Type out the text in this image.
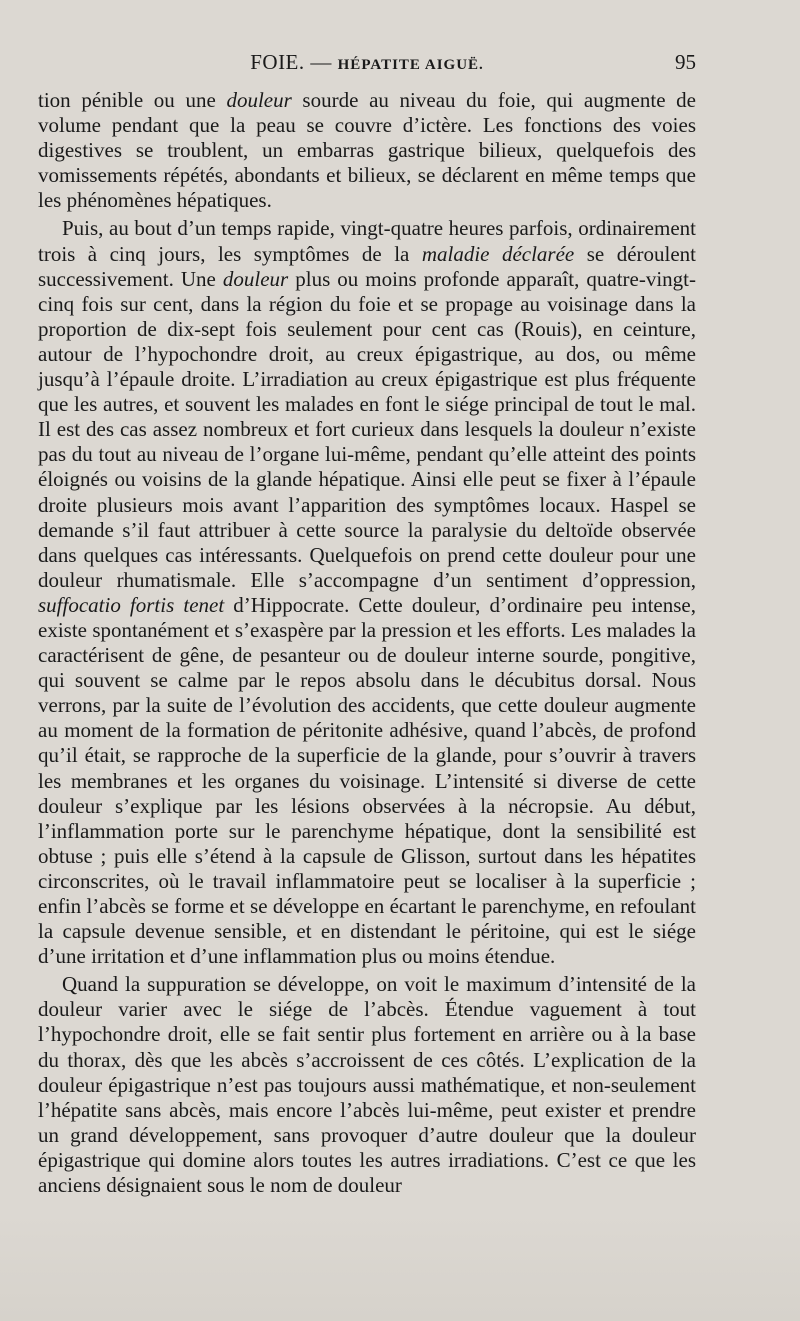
FOIE. — HÉPATITE AIGUË.	95

tion pénible ou une douleur sourde au niveau du foie, qui augmente de volume pendant que la peau se couvre d’ictère. Les fonctions des voies digestives se troublent, un embarras gastrique bilieux, quelquefois des vomissements répétés, abondants et bilieux, se déclarent en même temps que les phénomènes hépatiques.

Puis, au bout d’un temps rapide, vingt-quatre heures parfois, ordinairement trois à cinq jours, les symptômes de la maladie déclarée se déroulent successivement. Une douleur plus ou moins profonde apparaît, quatre-vingt-cinq fois sur cent, dans la région du foie et se propage au voisinage dans la proportion de dix-sept fois seulement pour cent cas (Rouis), en ceinture, autour de l’hypochondre droit, au creux épigastrique, au dos, ou même jusqu’à l’épaule droite. L’irradiation au creux épigastrique est plus fréquente que les autres, et souvent les malades en font le siége principal de tout le mal. Il est des cas assez nombreux et fort curieux dans lesquels la douleur n’existe pas du tout au niveau de l’organe lui-même, pendant qu’elle atteint des points éloignés ou voisins de la glande hépatique. Ainsi elle peut se fixer à l’épaule droite plusieurs mois avant l’apparition des symptômes locaux. Haspel se demande s’il faut attribuer à cette source la paralysie du deltoïde observée dans quelques cas intéressants. Quelquefois on prend cette douleur pour une douleur rhumatismale. Elle s’accompagne d’un sentiment d’oppression, suffocatio fortis tenet d’Hippocrate. Cette douleur, d’ordinaire peu intense, existe spontanément et s’exaspère par la pression et les efforts. Les malades la caractérisent de gêne, de pesanteur ou de douleur interne sourde, pongitive, qui souvent se calme par le repos absolu dans le décubitus dorsal. Nous verrons, par la suite de l’évolution des accidents, que cette douleur augmente au moment de la formation de péritonite adhésive, quand l’abcès, de profond qu’il était, se rapproche de la superficie de la glande, pour s’ouvrir à travers les membranes et les organes du voisinage. L’intensité si diverse de cette douleur s’explique par les lésions observées à la nécropsie. Au début, l’inflammation porte sur le parenchyme hépatique, dont la sensibilité est obtuse ; puis elle s’étend à la capsule de Glisson, surtout dans les hépatites circonscrites, où le travail inflammatoire peut se localiser à la superficie ; enfin l’abcès se forme et se développe en écartant le parenchyme, en refoulant la capsule devenue sensible, et en distendant le péritoine, qui est le siége d’une irritation et d’une inflammation plus ou moins étendue.

Quand la suppuration se développe, on voit le maximum d’intensité de la douleur varier avec le siége de l’abcès. Étendue vaguement à tout l’hypochondre droit, elle se fait sentir plus fortement en arrière ou à la base du thorax, dès que les abcès s’accroissent de ces côtés. L’explication de la douleur épigastrique n’est pas toujours aussi mathématique, et non-seulement l’hépatite sans abcès, mais encore l’abcès lui-même, peut exister et prendre un grand développement, sans provoquer d’autre douleur que la douleur épigastrique qui domine alors toutes les autres irradiations. C’est ce que les anciens désignaient sous le nom de douleur
